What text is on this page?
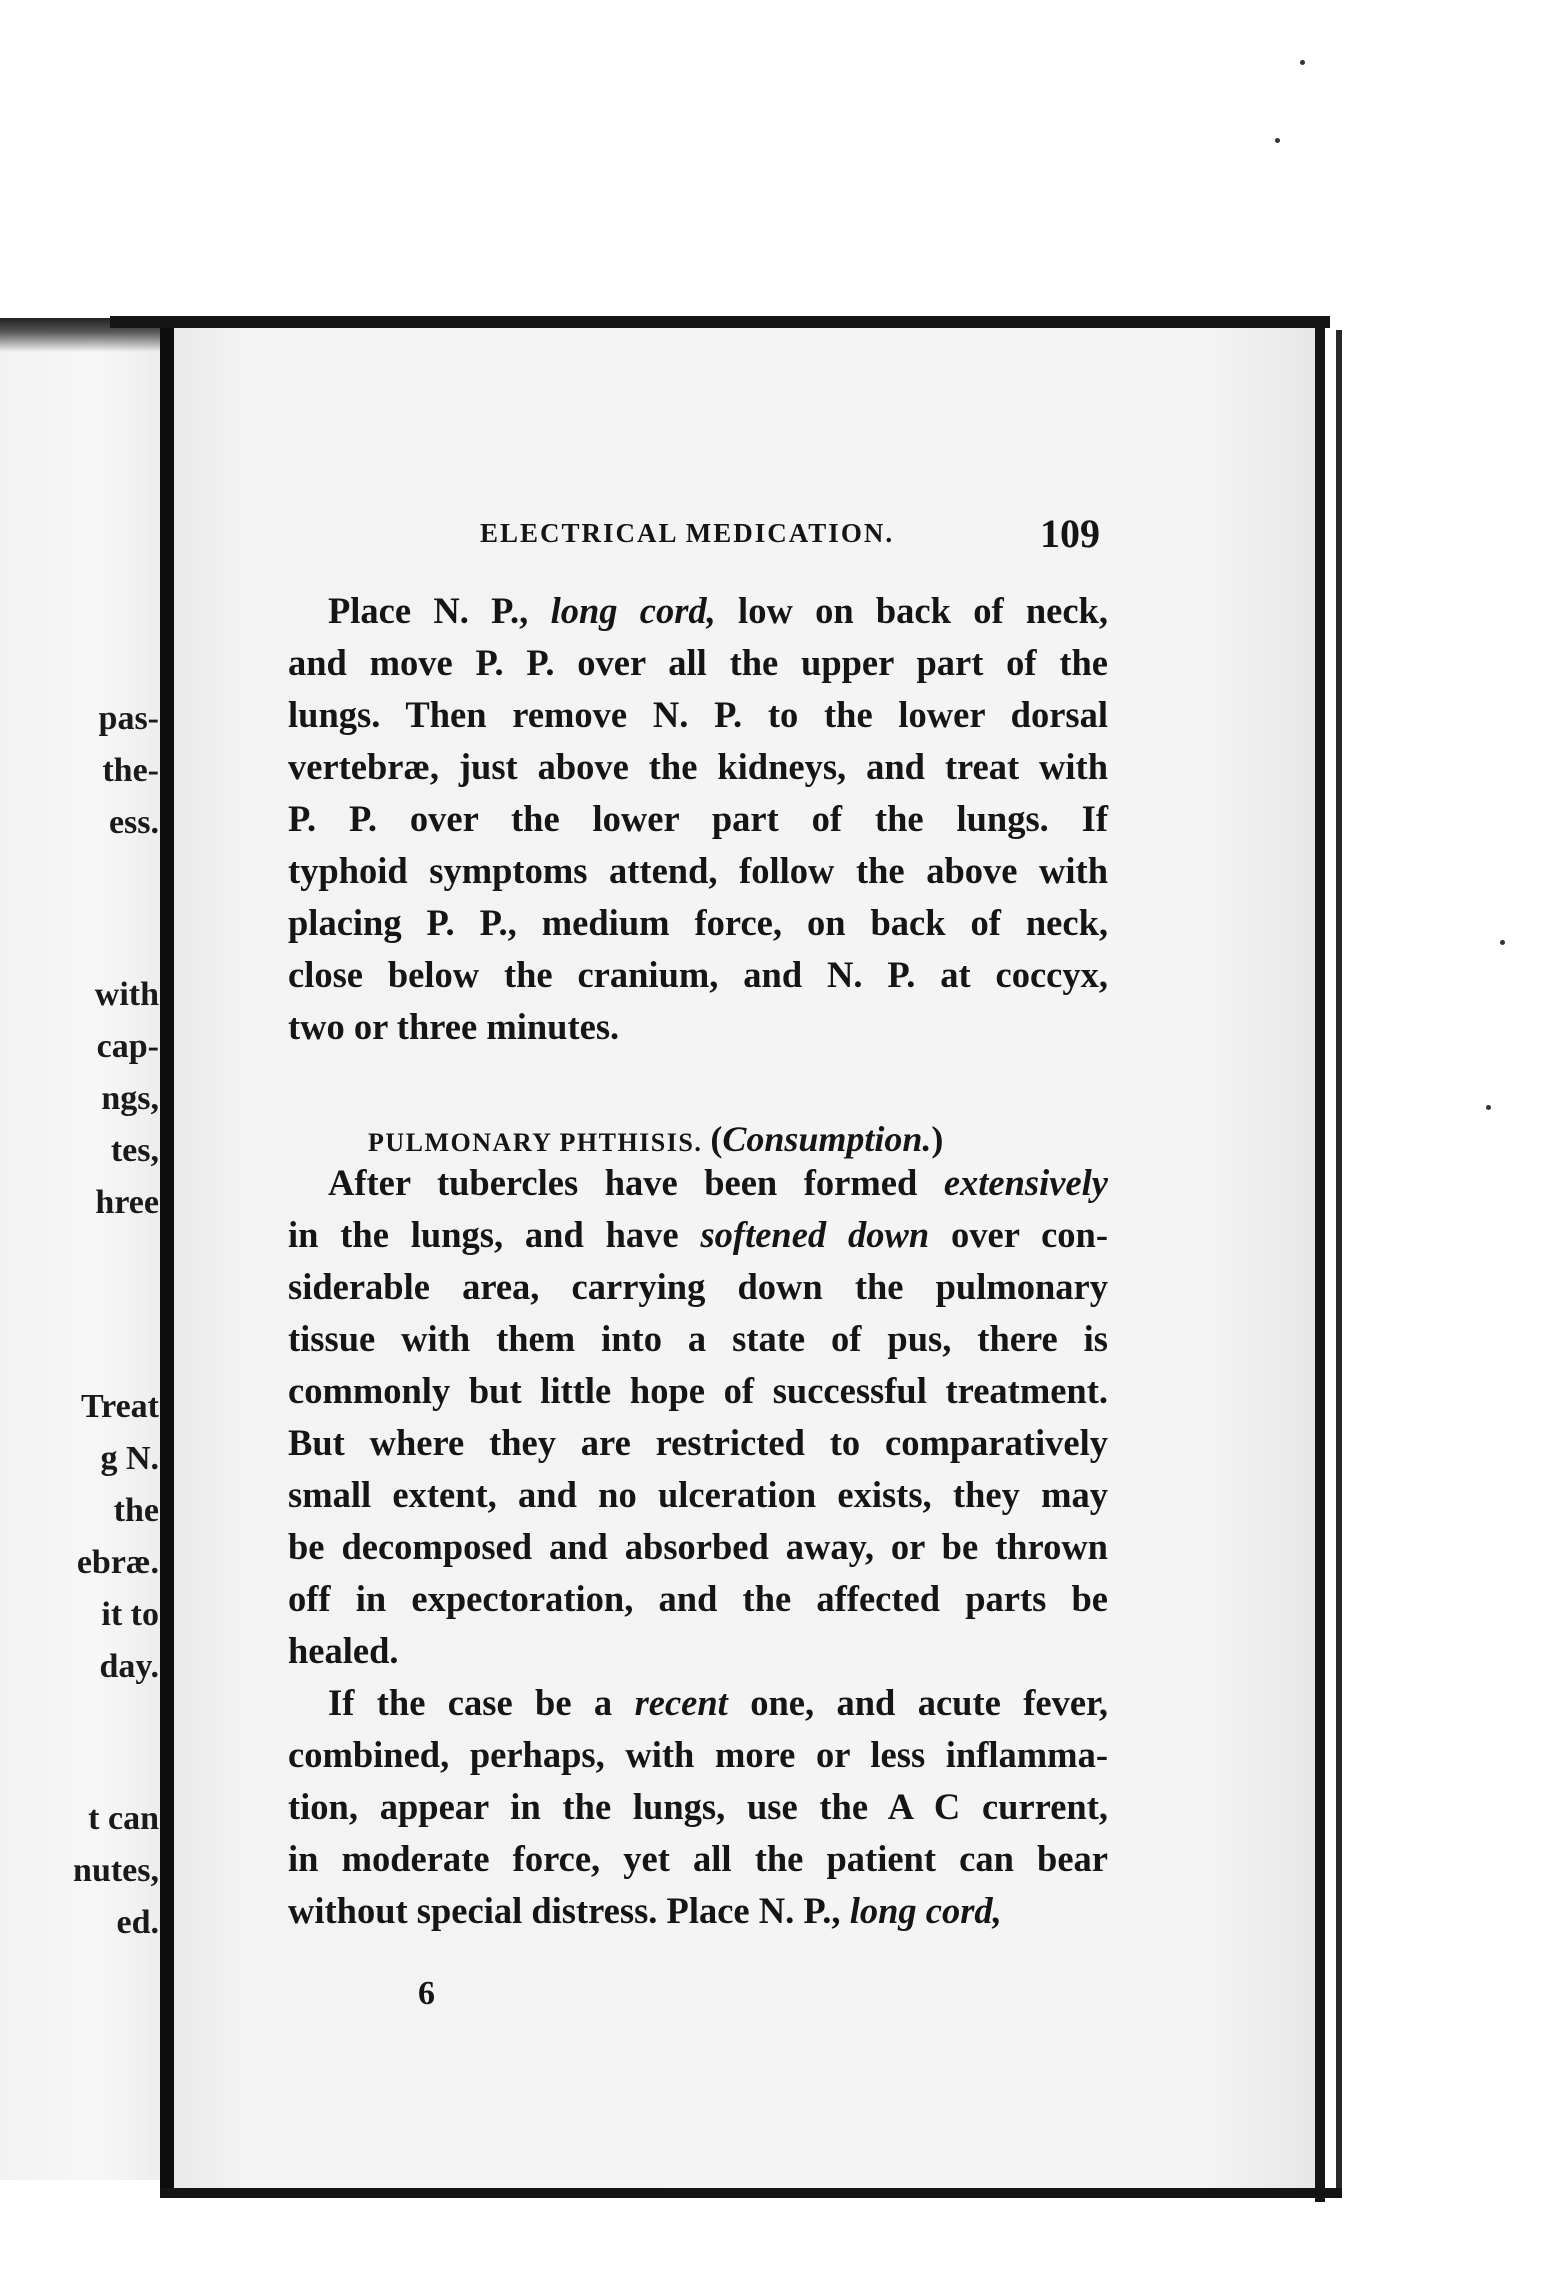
pas-
the-
ess.
with
cap-
ngs,
tes,
hree
Treat
g N.
the
ebræ.
it to
day.
t can
nutes,
ed.
ELECTRICAL MEDICATION.	109
Place N. P., long cord, low on back of neck,
and move P. P. over all the upper part of the
lungs. Then remove N. P. to the lower dorsal
vertebræ, just above the kidneys, and treat with
P. P. over the lower part of the lungs. If
typhoid symptoms attend, follow the above with
placing P. P., medium force, on back of neck,
close below the cranium, and N. P. at coccyx,
two or three minutes.
After tubercles have been formed extensively
in the lungs, and have softened down over con-
siderable area, carrying down the pulmonary
tissue with them into a state of pus, there is
commonly but little hope of successful treatment.
But where they are restricted to comparatively
small extent, and no ulceration exists, they may
be decomposed and absorbed away, or be thrown
off in expectoration, and the affected parts be
healed.
If the case be a recent one, and acute fever,
combined, perhaps, with more or less inflamma-
tion, appear in the lungs, use the A C current,
in moderate force, yet all the patient can bear
without special distress. Place N. P., long cord,
PULMONARY PHTHISIS. (Consumption.)
6
